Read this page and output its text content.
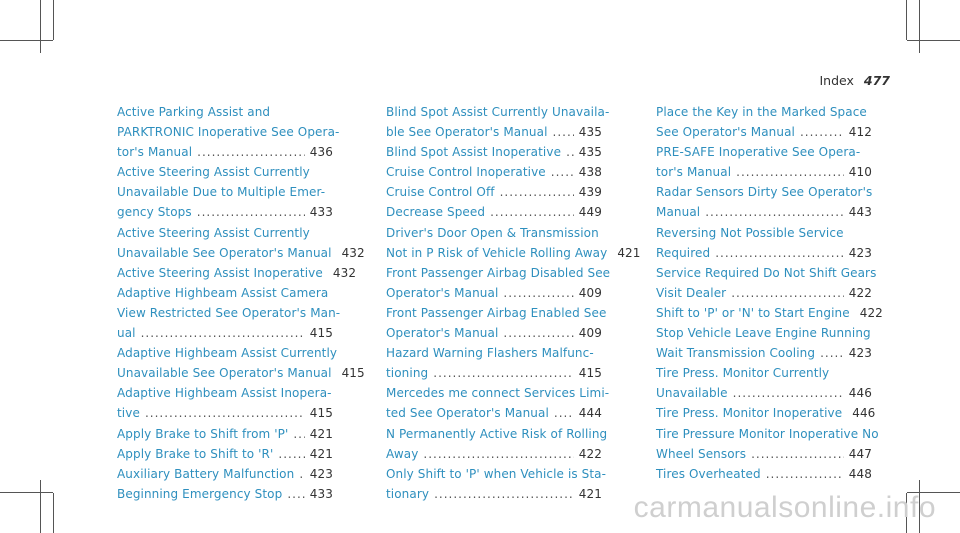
Index 477
Active Parking Assist and
PARKTRONIC Inoperative See Opera-
tor's Manual .....	436
Active Steering Assist Currently
Unavailable Due to Multiple Emer-
gency Stops .....	433
Active Steering Assist Currently
Unavailable See Operator's Manual 432
Active Steering Assist Inoperative 432
Adaptive Highbeam Assist Camera
View Restricted See Operator's Man-
ual .....	415
Adaptive Highbeam Assist Currently
Unavailable See Operator's Manual 415
Adaptive Highbeam Assist Inopera-
tive .....	415
Apply Brake to Shift from 'P' ..... 421
Apply Brake to Shift to 'R' .....	421
Auxiliary Battery Malfunction ..... 423
Beginning Emergency Stop ..... 433
Blind Spot Assist Currently Unavaila-
ble See Operator's Manual .....	435
Blind Spot Assist Inoperative ..... 435
Cruise Control Inoperative .....	438
Cruise Control Off .....	439
Decrease Speed .....	449
Driver's Door Open & Transmission
Not in P Risk of Vehicle Rolling Away 421
Front Passenger Airbag Disabled See
Operator's Manual .....	409
Front Passenger Airbag Enabled See
Operator's Manual .....	409
Hazard Warning Flashers Malfunc-
tioning .....	415
Mercedes me connect Services Limi-
ted See Operator's Manual ..... 444
N Permanently Active Risk of Rolling
Away .....	422
Only Shift to 'P' when Vehicle is Sta-
tionary .....	421
Place the Key in the Marked Space
See Operator's Manual .....	412
PRE-SAFE Inoperative See Opera-
tor's Manual .....	410
Radar Sensors Dirty See Operator's
Manual .....	443
Reversing Not Possible Service
Required .....	423
Service Required Do Not Shift Gears
Visit Dealer .....	422
Shift to 'P' or 'N' to Start Engine 422
Stop Vehicle Leave Engine Running
Wait Transmission Cooling .....	423
Tire Press. Monitor Currently
Unavailable .....	446
Tire Press. Monitor Inoperative 446
Tire Pressure Monitor Inoperative No
Wheel Sensors .....	447
Tires Overheated .....	448
carmanualsonline.info
